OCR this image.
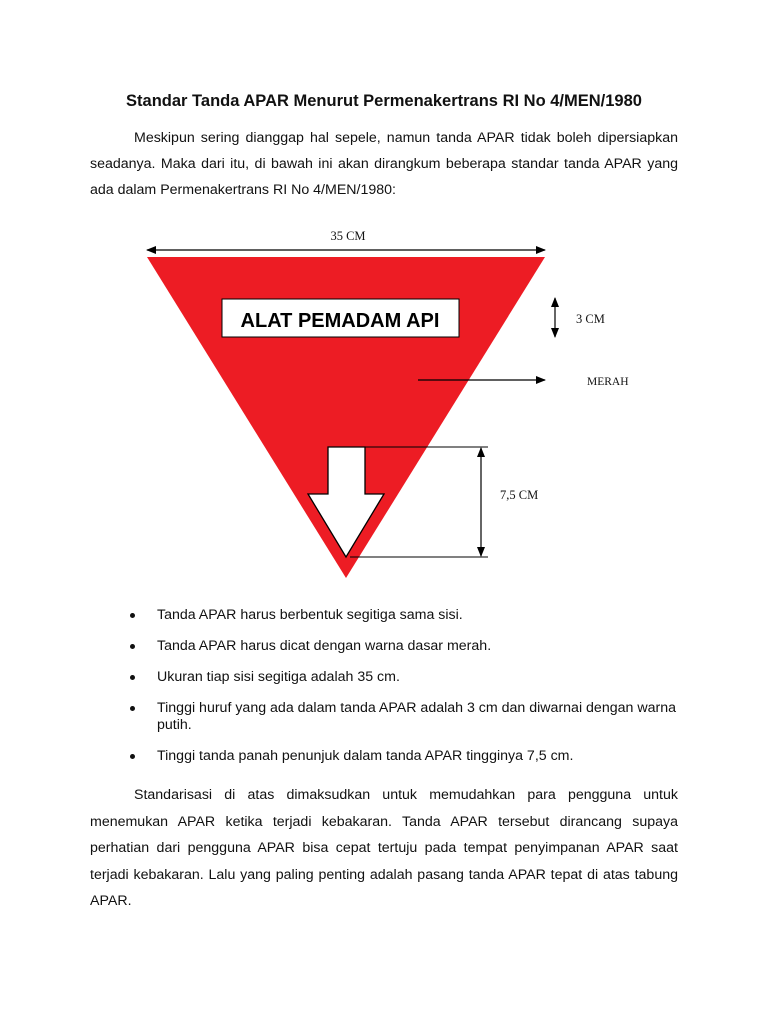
Standar Tanda APAR Menurut Permenakertrans RI No 4/MEN/1980

Meskipun sering dianggap hal sepele, namun tanda APAR tidak boleh dipersiapkan seadanya. Maka dari itu, di bawah ini akan dirangkum beberapa standar tanda APAR yang ada dalam Permenakertrans RI No 4/MEN/1980:

35 CM
ALAT PEMADAM API	3 CM
MERAH
7,5 CM
Tanda APAR harus berbentuk segitiga sama sisi.
Tanda APAR harus dicat dengan warna dasar merah.
Ukuran tiap sisi segitiga adalah 35 cm.
Tinggi huruf yang ada dalam tanda APAR adalah 3 cm dan diwarnai dengan warna putih.
Tinggi tanda panah penunjuk dalam tanda APAR tingginya 7,5 cm.

Standarisasi di atas dimaksudkan untuk memudahkan para pengguna untuk menemukan APAR ketika terjadi kebakaran. Tanda APAR tersebut dirancang supaya perhatian dari pengguna APAR bisa cepat tertuju pada tempat penyimpanan APAR saat terjadi kebakaran. Lalu yang paling penting adalah pasang tanda APAR tepat di atas tabung APAR.
